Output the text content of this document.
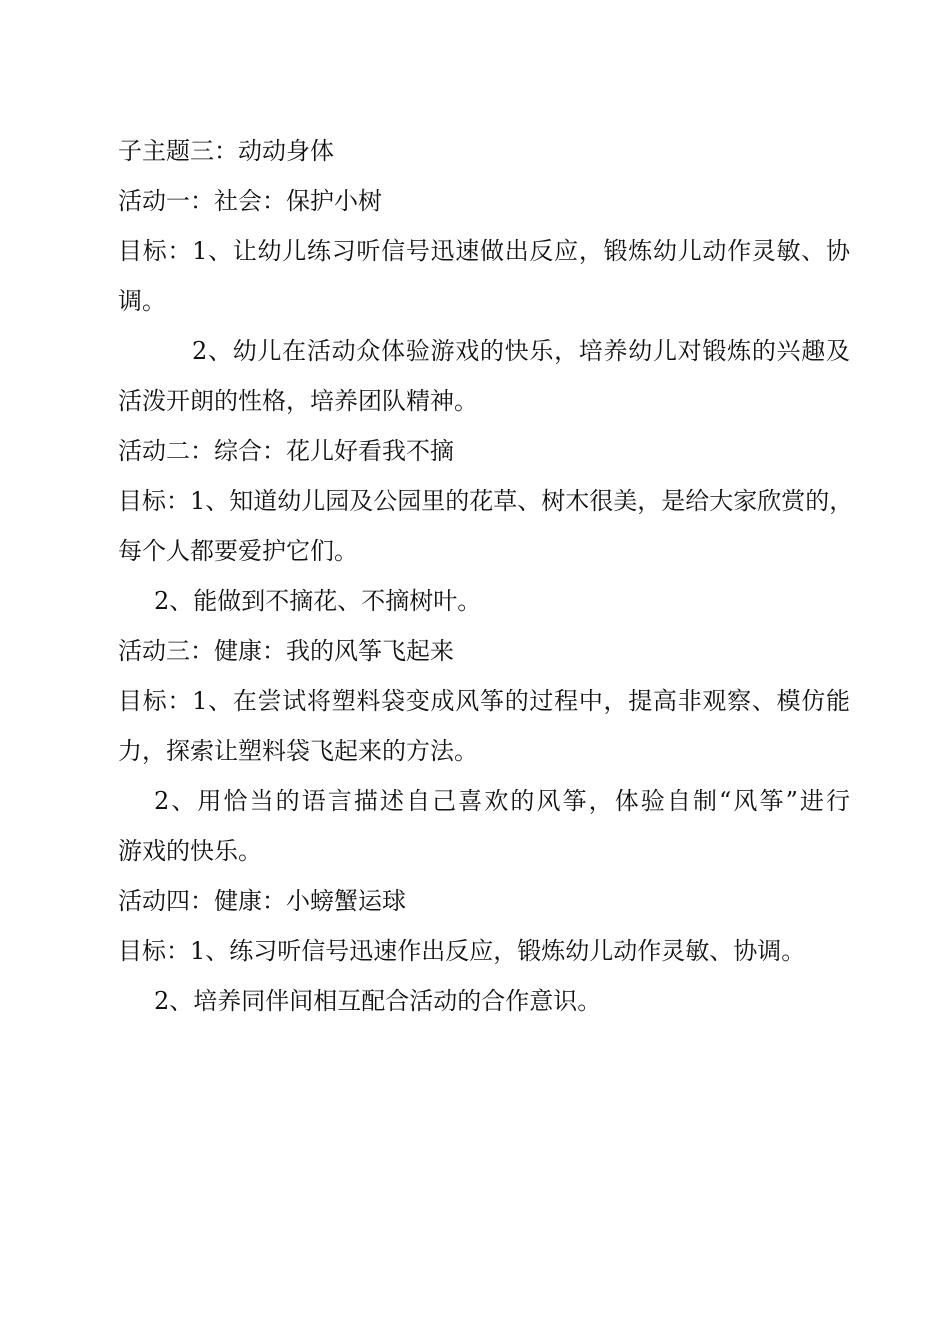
子主题三：动动身体
活动一：社会：保护小树
目标：1、让幼儿练习听信号迅速做出反应，锻炼幼儿动作灵敏、协
调。
2、幼儿在活动众体验游戏的快乐，培养幼儿对锻炼的兴趣及
活泼开朗的性格，培养团队精神。
活动二：综合：花儿好看我不摘
目标：1、知道幼儿园及公园里的花草、树木很美，是给大家欣赏的，
每个人都要爱护它们。
2、能做到不摘花、不摘树叶。
活动三：健康：我的风筝飞起来
目标：1、在尝试将塑料袋变成风筝的过程中，提高非观察、模仿能
力，探索让塑料袋飞起来的方法。
2、用恰当的语言描述自己喜欢的风筝，体验自制“风筝”进行
游戏的快乐。
活动四：健康：小螃蟹运球
目标：1、练习听信号迅速作出反应，锻炼幼儿动作灵敏、协调。
2、培养同伴间相互配合活动的合作意识。
